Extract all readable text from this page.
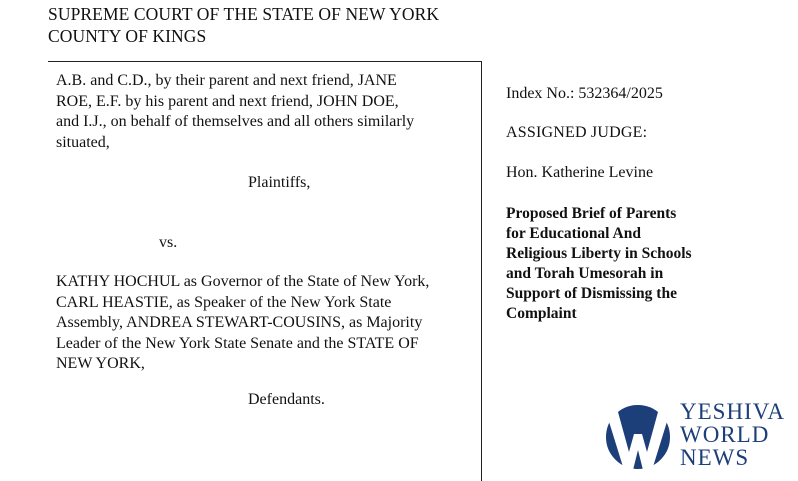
SUPREME COURT OF THE STATE OF NEW YORK
COUNTY OF KINGS
A.B. and C.D., by their parent and next friend, JANE
ROE, E.F. by his parent and next friend, JOHN DOE,
and I.J., on behalf of themselves and all others similarly
situated,
Plaintiffs,
vs.
KATHY HOCHUL as Governor of the State of New York,
CARL HEASTIE, as Speaker of the New York State
Assembly, ANDREA STEWART-COUSINS, as Majority
Leader of the New York State Senate and the STATE OF
NEW YORK,
Defendants.
Index No.: 532364/2025
ASSIGNED JUDGE:
Hon. Katherine Levine
Proposed Brief of Parents
for Educational And
Religious Liberty in Schools
and Torah Umesorah in
Support of Dismissing the
Complaint
YESHIVA
WORLD
NEWS
